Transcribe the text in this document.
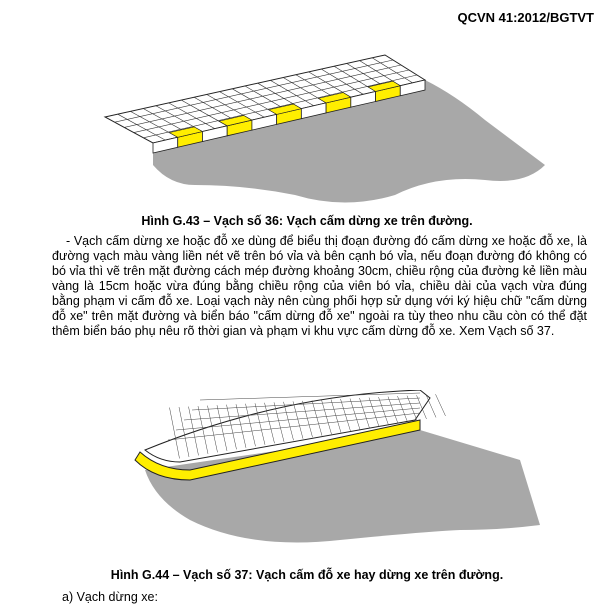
QCVN 41:2012/BGTVT
Hình G.43 – Vạch số 36: Vạch cấm dừng xe trên đường.
- Vạch cấm dừng xe hoặc đỗ xe dùng để biểu thị đoạn đường đó cấm dừng xe hoặc đỗ xe, là đường vạch màu vàng liền nét vẽ trên bó vỉa và bên cạnh bó vỉa, nếu đoạn đường đó không có bó vỉa thì vẽ trên mặt đường cách mép đường khoảng 30cm, chiều rộng của đường kẻ liền màu vàng là 15cm hoặc vừa đúng bằng chiều rộng của viên bó vỉa, chiều dài của vạch vừa đúng bằng phạm vi cấm đỗ xe. Loại vạch này nên cùng phối hợp sử dụng với ký hiệu chữ "cấm dừng đỗ xe" trên mặt đường và biển báo "cấm dừng đỗ xe" ngoài ra tùy theo nhu cầu còn có thể đặt thêm biển báo phụ nêu rõ thời gian và phạm vi khu vực cấm dừng đỗ xe. Xem Vạch số 37.
Hình G.44 – Vạch số 37: Vạch cấm đỗ xe hay dừng xe trên đường.
a) Vạch dừng xe:
